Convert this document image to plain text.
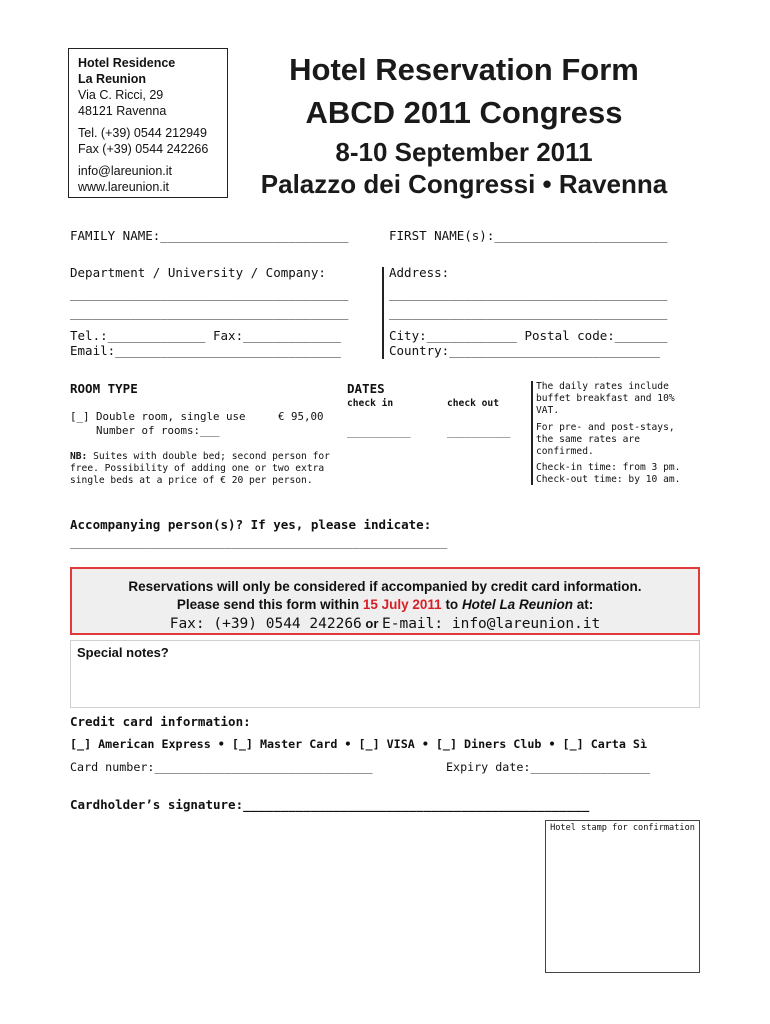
Hotel Residence
La Reunion
Via C. Ricci, 29
48121 Ravenna
Tel. (+39) 0544 212949
Fax (+39) 0544 242266
info@lareunion.it
www.lareunion.it
Hotel Reservation Form
ABCD 2011 Congress
8-10 September 2011
Palazzo dei Congressi • Ravenna
FAMILY NAME:_________________________	FIRST NAME(s):_______________________
Department / University / Company:
_____________________________________
_____________________________________
Address:
_____________________________________
_____________________________________
Tel.:_____________ Fax:_____________
Email:______________________________
City:____________ Postal code:_______
Country:____________________________
ROOM TYPE
[_] Double room, single use	€ 95,00
Number of rooms:___
NB: Suites with double bed; second person for
free. Possibility of adding one or two extra
single beds at a price of € 20 per person.
DATES
check in	check out
___________	___________
The daily rates include
buffet breakfast and 10%
VAT.
For pre- and post-stays,
the same rates are
confirmed.
Check-in time: from 3 pm.
Check-out time: by 10 am.
Accompanying person(s)? If yes, please indicate:
________________________________________________________
Reservations will only be considered if accompanied by credit card information.
Please send this form within 15 July 2011 to Hotel La Reunion at:
Fax: (+39) 0544 242266 or E-mail: info@lareunion.it
Special notes?
Credit card information:
[_] American Express • [_] Master Card • [_] VISA • [_] Diners Club • [_] Carta Sì
Card number:_______________________________	Expiry date:_________________
Cardholder’s signature:______________________________________________
Hotel stamp for confirmation
